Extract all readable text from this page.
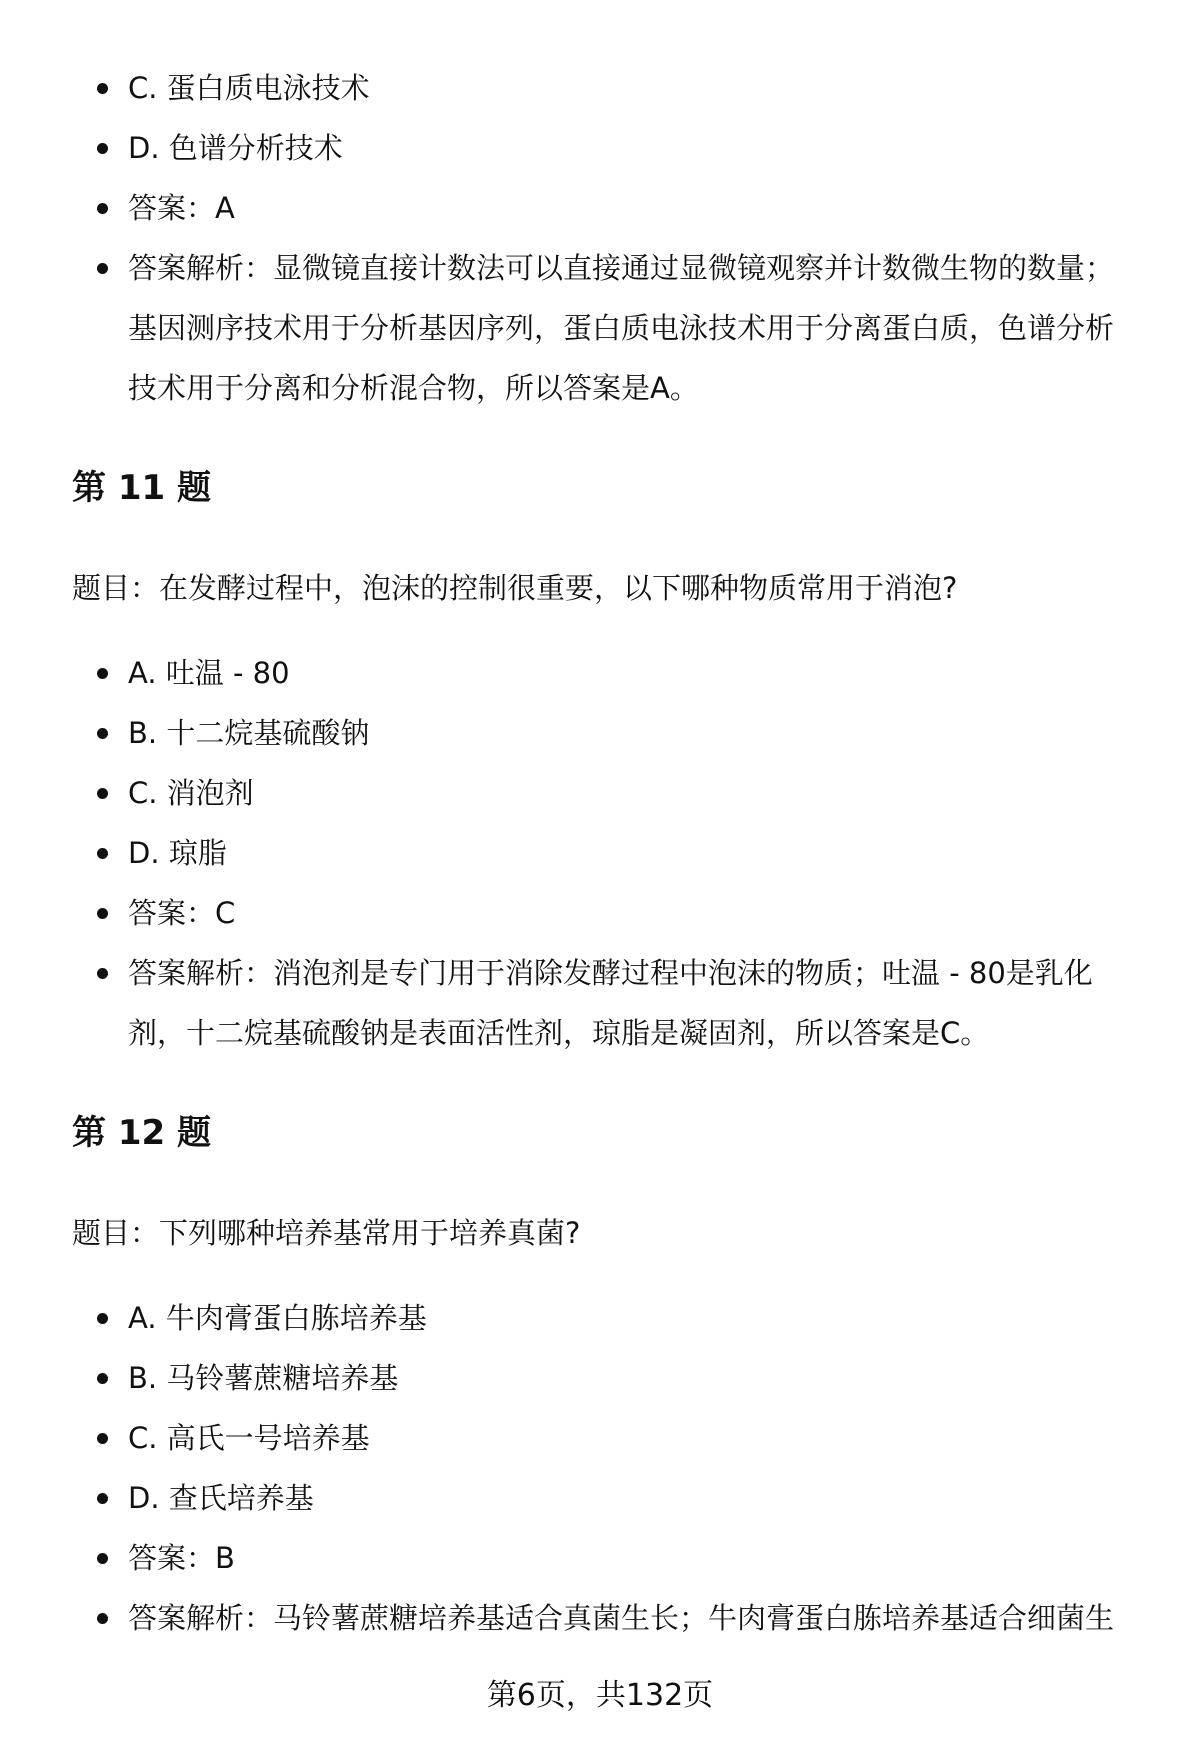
C. 蛋白质电泳技术
D. 色谱分析技术
答案：A
答案解析：显微镜直接计数法可以直接通过显微镜观察并计数微生物的数量；基因测序技术用于分析基因序列，蛋白质电泳技术用于分离蛋白质，色谱分析技术用于分离和分析混合物，所以答案是A。
第 11 题

题目：在发酵过程中，泡沫的控制很重要，以下哪种物质常用于消泡?

A. 吐温 - 80
B. 十二烷基硫酸钠
C. 消泡剂
D. 琼脂
答案：C
答案解析：消泡剂是专门用于消除发酵过程中泡沫的物质；吐温 - 80是乳化剂，十二烷基硫酸钠是表面活性剂，琼脂是凝固剂，所以答案是C。
第 12 题

题目：下列哪种培养基常用于培养真菌?

A. 牛肉膏蛋白胨培养基
B. 马铃薯蔗糖培养基
C. 高氏一号培养基
D. 查氏培养基
答案：B
答案解析：马铃薯蔗糖培养基适合真菌生长；牛肉膏蛋白胨培养基适合细菌生
第6页，共132页
